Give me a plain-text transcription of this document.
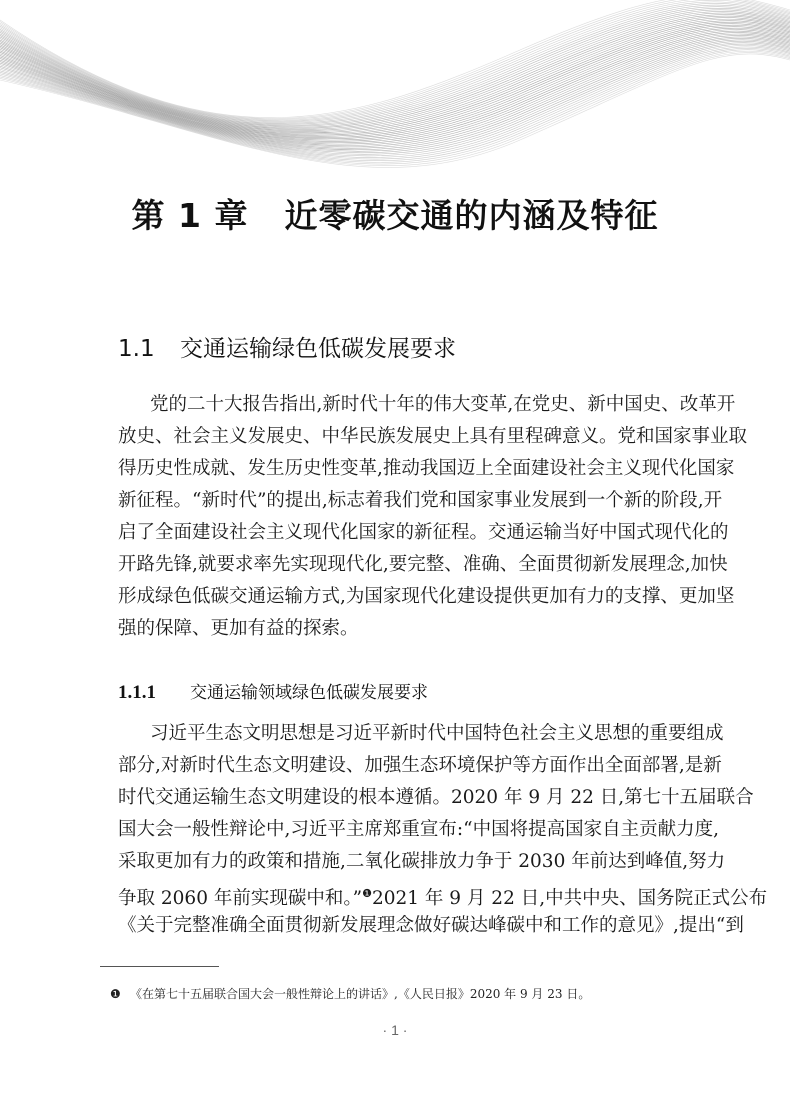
第 1 章 近零碳交通的内涵及特征
1.1 交通运输绿色低碳发展要求
党的二十大报告指出,新时代十年的伟大变革,在党史、新中国史、改革开
放史、社会主义发展史、中华民族发展史上具有里程碑意义。党和国家事业取
得历史性成就、发生历史性变革,推动我国迈上全面建设社会主义现代化国家
新征程。“新时代”的提出,标志着我们党和国家事业发展到一个新的阶段,开
启了全面建设社会主义现代化国家的新征程。交通运输当好中国式现代化的
开路先锋,就要求率先实现现代化,要完整、准确、全面贯彻新发展理念,加快
形成绿色低碳交通运输方式,为国家现代化建设提供更加有力的支撑、更加坚
强的保障、更加有益的探索。
1.1.1 交通运输领域绿色低碳发展要求
习近平生态文明思想是习近平新时代中国特色社会主义思想的重要组成
部分,对新时代生态文明建设、加强生态环境保护等方面作出全面部署,是新
时代交通运输生态文明建设的根本遵循。2020 年 9 月 22 日,第七十五届联合
国大会一般性辩论中,习近平主席郑重宣布:“中国将提高国家自主贡献力度,
采取更加有力的政策和措施,二氧化碳排放力争于 2030 年前达到峰值,努力
争取 2060 年前实现碳中和。”$^❶$2021 年 9 月 22 日,中共中央、国务院正式公布
《关于完整准确全面贯彻新发展理念做好碳达峰碳中和工作的意见》,提出“到
❶ 《在第七十五届联合国大会一般性辩论上的讲话》,《人民日报》2020 年 9 月 23 日。
· 1 ·
